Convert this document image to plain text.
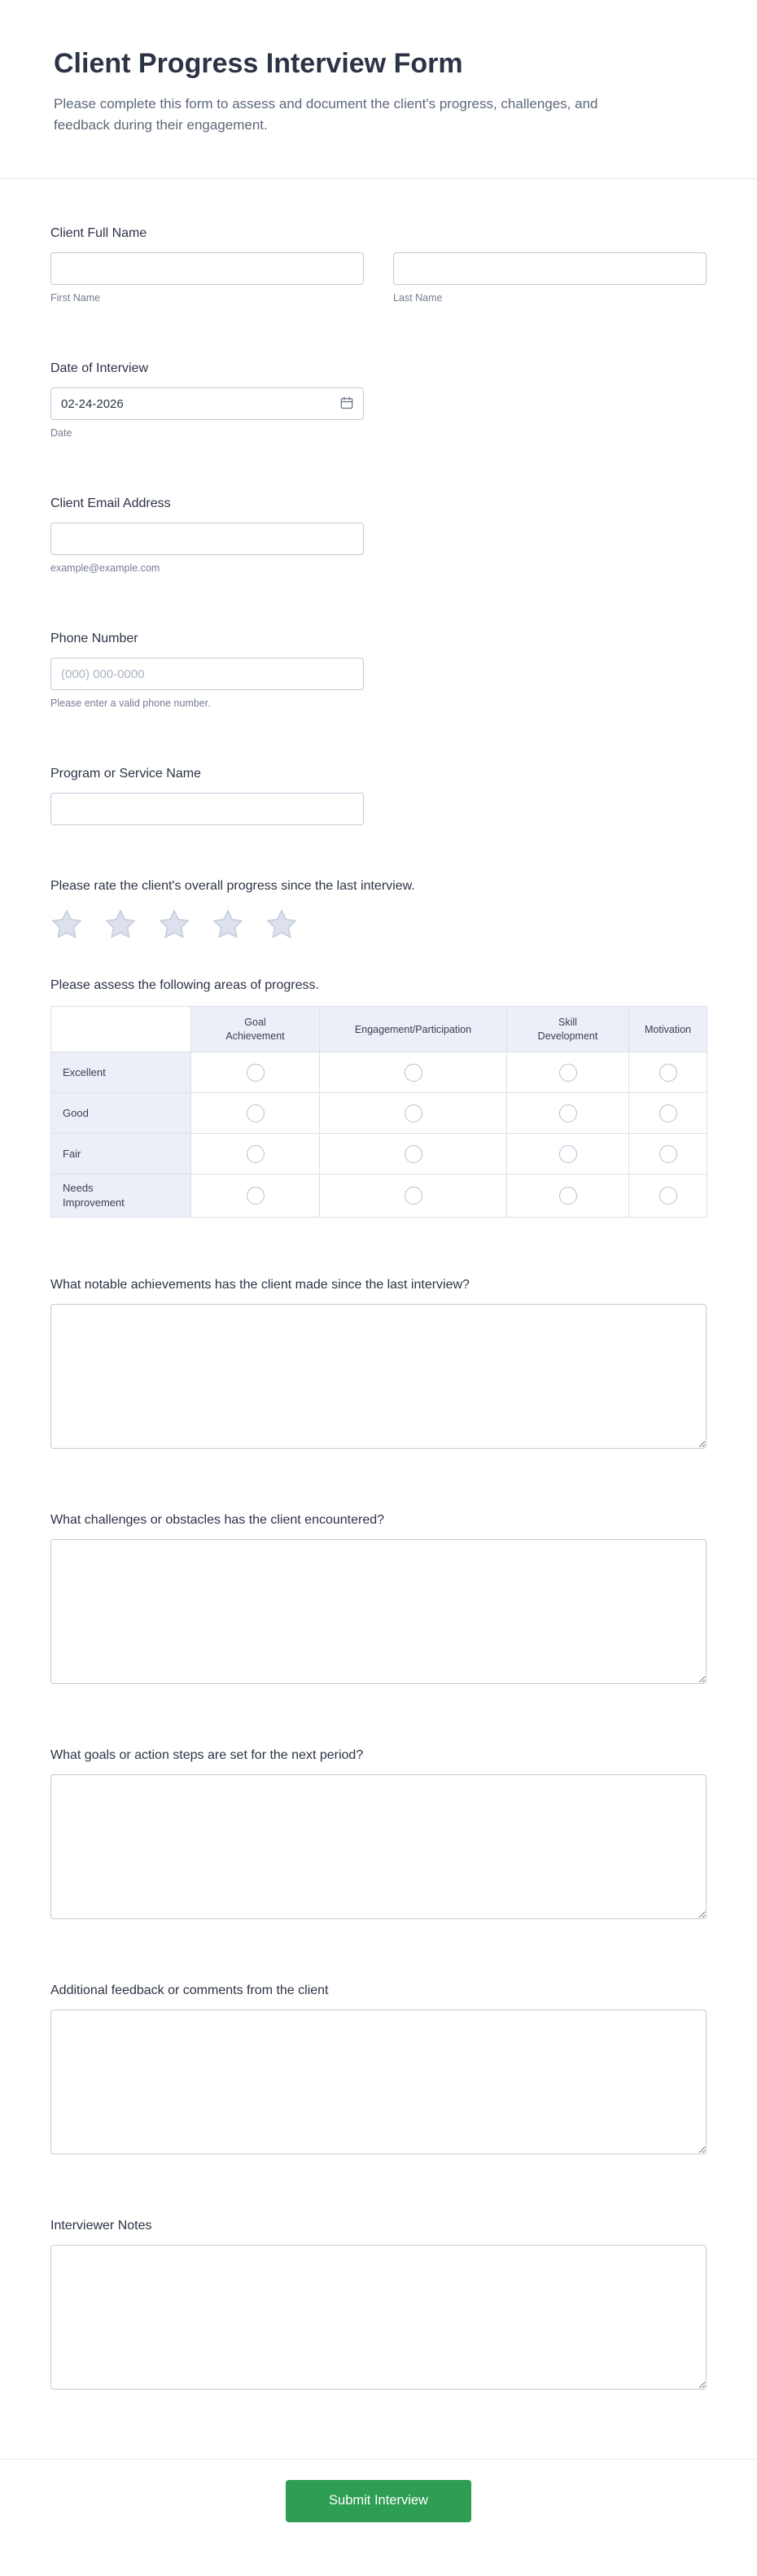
Client Progress Interview Form

Please complete this form to assess and document the client's progress, challenges, and feedback during their engagement.

Client Full Name
First Name	Last Name
Date of Interview
02-24-2026
Date
Client Email Address
example@example.com
Phone Number
(000) 000-0000
Please enter a valid phone number.
Program or Service Name
Please rate the client's overall progress since the last interview.
Please assess the following areas of progress.

	Goal Achievement	Engagement/Participation	Skill Development	Motivation

Excellent				
Good				
Fair				
Needs Improvement				
What notable achievements has the client made since the last interview?
What challenges or obstacles has the client encountered?
What goals or action steps are set for the next period?
Additional feedback or comments from the client
Interviewer Notes
Submit Interview
